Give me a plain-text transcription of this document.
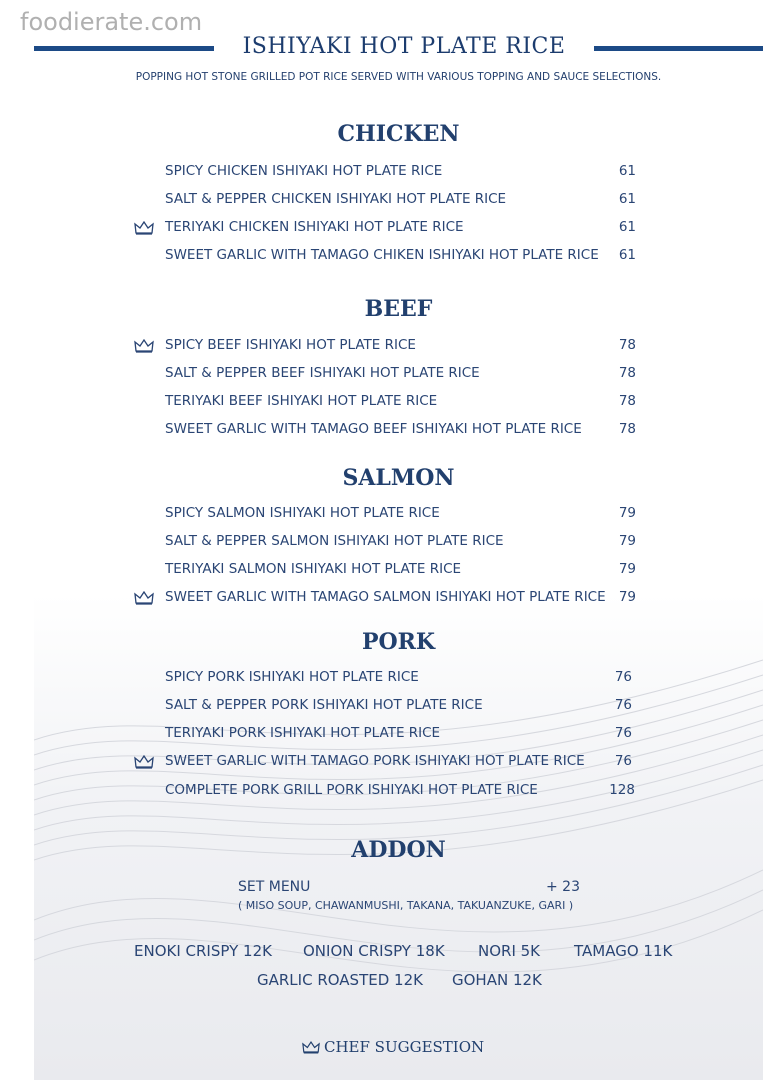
foodierate.com
ISHIYAKI HOT PLATE RICE
POPPING HOT STONE GRILLED POT RICE SERVED WITH VARIOUS TOPPING AND SAUCE SELECTIONS.
CHICKEN
SPICY CHICKEN ISHIYAKI HOT PLATE RICE	61
SALT & PEPPER CHICKEN ISHIYAKI HOT PLATE RICE	61
TERIYAKI CHICKEN ISHIYAKI HOT PLATE RICE	61
SWEET GARLIC WITH TAMAGO CHIKEN ISHIYAKI HOT PLATE RICE	61
BEEF
SPICY BEEF ISHIYAKI HOT PLATE RICE	78
SALT & PEPPER BEEF ISHIYAKI HOT PLATE RICE	78
TERIYAKI BEEF ISHIYAKI HOT PLATE RICE	78
SWEET GARLIC WITH TAMAGO BEEF ISHIYAKI HOT PLATE RICE	78
SALMON
SPICY SALMON ISHIYAKI HOT PLATE RICE	79
SALT & PEPPER SALMON ISHIYAKI HOT PLATE RICE	79
TERIYAKI SALMON ISHIYAKI HOT PLATE RICE	79
SWEET GARLIC WITH TAMAGO SALMON ISHIYAKI HOT PLATE RICE 79
PORK
SPICY PORK ISHIYAKI HOT PLATE RICE	76
SALT & PEPPER PORK ISHIYAKI HOT PLATE RICE	76
TERIYAKI PORK ISHIYAKI HOT PLATE RICE	76
SWEET GARLIC WITH TAMAGO PORK ISHIYAKI HOT PLATE RICE	76
COMPLETE PORK GRILL PORK ISHIYAKI HOT PLATE RICE	128
ADDON
SET MENU	+ 23
( MISO SOUP, CHAWANMUSHI, TAKANA, TAKUANZUKE, GARI )
ENOKI CRISPY 12K ONION CRISPY 18K NORI 5K TAMAGO 11K
GARLIC ROASTED 12K GOHAN 12K
CHEF SUGGESTION
